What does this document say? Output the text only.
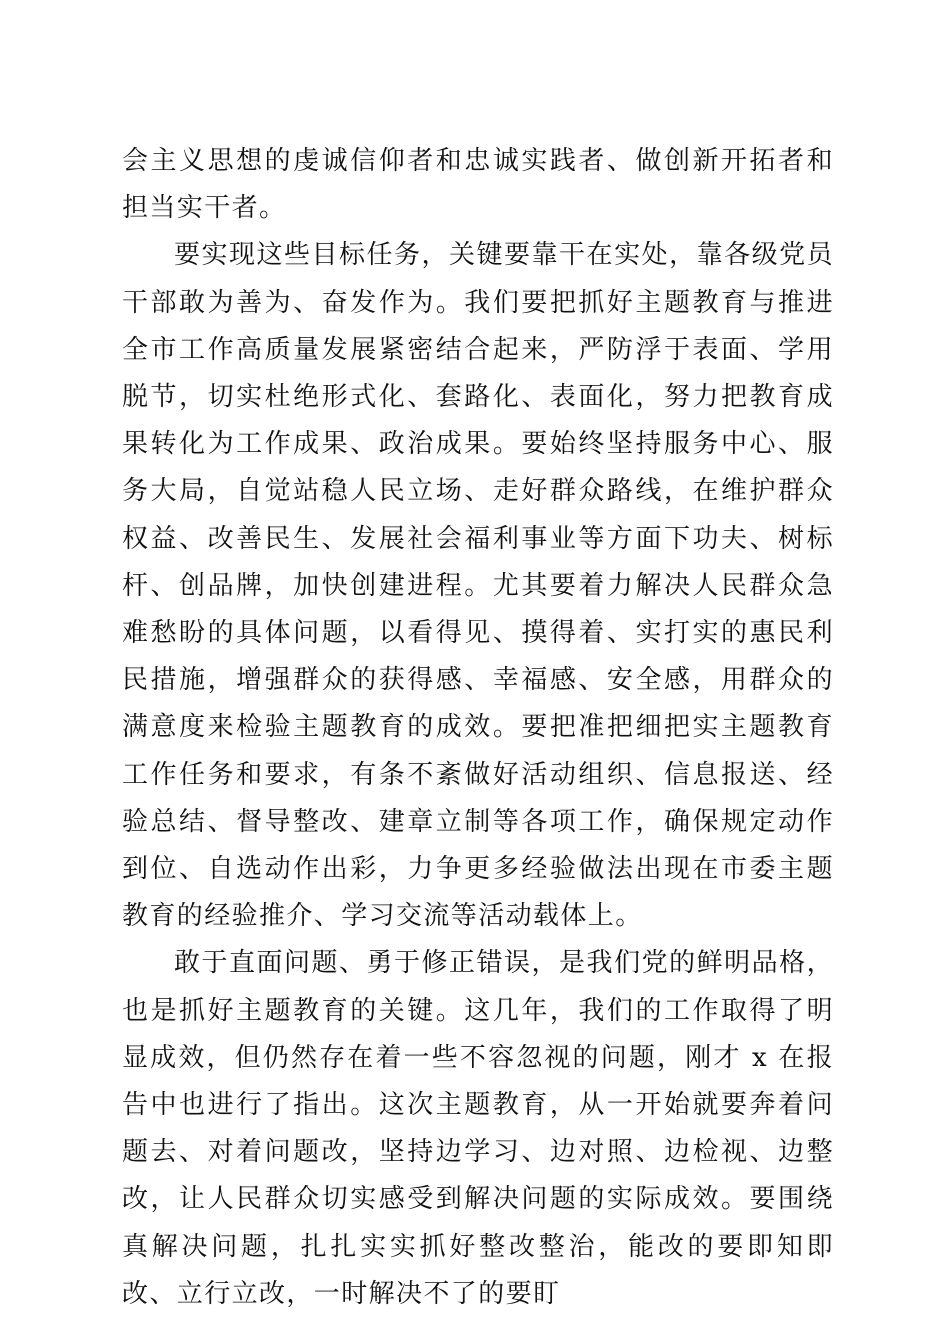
会主义思想的虔诚信仰者和忠诚实践者、做创新开拓者和担当实干者。

要实现这些目标任务，关键要靠干在实处，靠各级党员干部敢为善为、奋发作为。我们要把抓好主题教育与推进全市工作高质量发展紧密结合起来，严防浮于表面、学用脱节，切实杜绝形式化、套路化、表面化，努力把教育成果转化为工作成果、政治成果。要始终坚持服务中心、服务大局，自觉站稳人民立场、走好群众路线，在维护群众权益、改善民生、发展社会福利事业等方面下功夫、树标杆、创品牌，加快创建进程。尤其要着力解决人民群众急难愁盼的具体问题，以看得见、摸得着、实打实的惠民利民措施，增强群众的获得感、幸福感、安全感，用群众的满意度来检验主题教育的成效。要把准把细把实主题教育工作任务和要求，有条不紊做好活动组织、信息报送、经验总结、督导整改、建章立制等各项工作，确保规定动作到位、自选动作出彩，力争更多经验做法出现在市委主题教育的经验推介、学习交流等活动载体上。

敢于直面问题、勇于修正错误，是我们党的鲜明品格，也是抓好主题教育的关键。这几年，我们的工作取得了明显成效，但仍然存在着一些不容忽视的问题，刚才 x 在报告中也进行了指出。这次主题教育，从一开始就要奔着问题去、对着问题改，坚持边学习、边对照、边检视、边整改，让人民群众切实感受到解决问题的实际成效。要围绕真解决问题，扎扎实实抓好整改整治，能改的要即知即改、立行立改，一时解决不了的要盯
